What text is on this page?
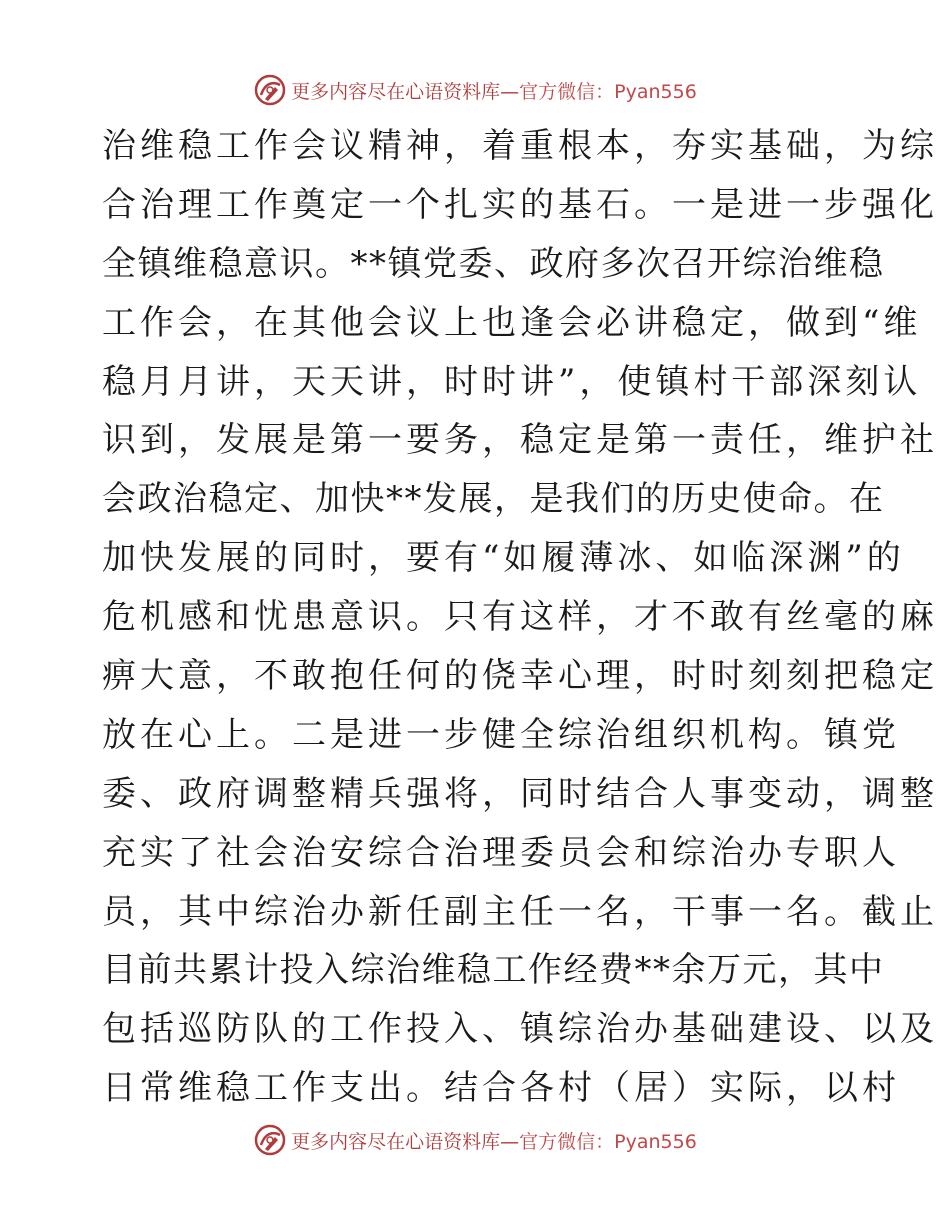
更多内容尽在心语资料库—官方微信：Pyan556
治维稳工作会议精神，着重根本，夯实基础，为综
合治理工作奠定一个扎实的基石。一是进一步强化
全镇维稳意识。**镇党委、政府多次召开综治维稳
工作会，在其他会议上也逢会必讲稳定，做到“维
稳月月讲，天天讲，时时讲”，使镇村干部深刻认
识到，发展是第一要务，稳定是第一责任，维护社
会政治稳定、加快**发展，是我们的历史使命。在
加快发展的同时，要有“如履薄冰、如临深渊”的
危机感和忧患意识。只有这样，才不敢有丝毫的麻
痹大意，不敢抱任何的侥幸心理，时时刻刻把稳定
放在心上。二是进一步健全综治组织机构。镇党
委、政府调整精兵强将，同时结合人事变动，调整
充实了社会治安综合治理委员会和综治办专职人
员，其中综治办新任副主任一名，干事一名。截止
目前共累计投入综治维稳工作经费**余万元，其中
包括巡防队的工作投入、镇综治办基础建设、以及
日常维稳工作支出。结合各村（居）实际，以村
更多内容尽在心语资料库—官方微信：Pyan556
